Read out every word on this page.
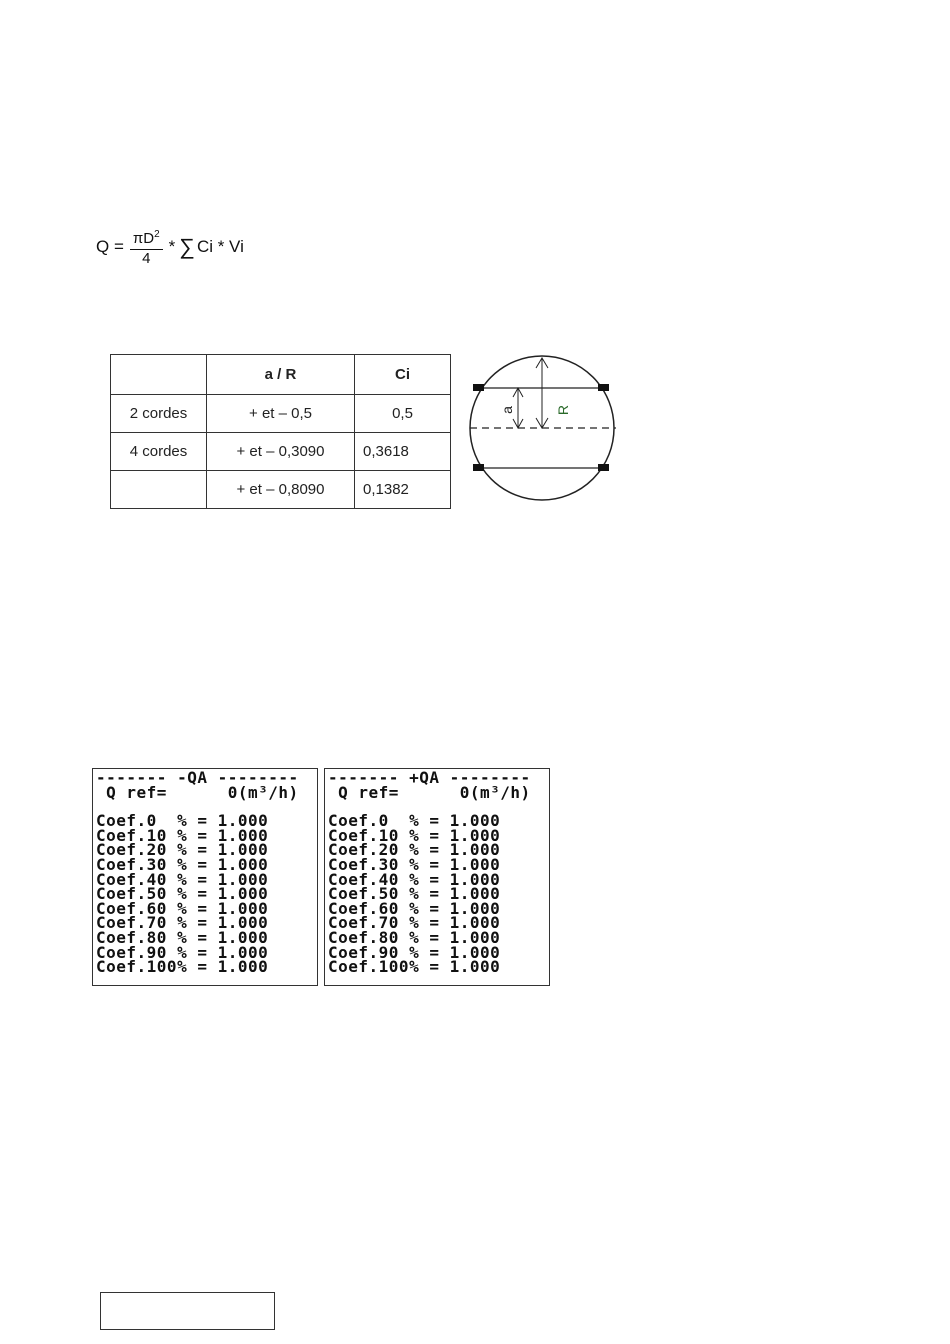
$Q = \frac{\pi D^2}{4}$ * ∑ Ci * Vi
	a / R	Ci
2 cordes	+ et – 0,5	0,5
4 cordes	+ et – 0,3090	0,3618
	+ et – 0,8090	0,1382
a	R
------- -QA --------
Q ref=      0(m³/h)
Coef.0  % = 1.000
Coef.10 % = 1.000
Coef.20 % = 1.000
Coef.30 % = 1.000
Coef.40 % = 1.000
Coef.50 % = 1.000
Coef.60 % = 1.000
Coef.70 % = 1.000
Coef.80 % = 1.000
Coef.90 % = 1.000
Coef.100% = 1.000
------- +QA --------
Q ref=      0(m³/h)
Coef.0  % = 1.000
Coef.10 % = 1.000
Coef.20 % = 1.000
Coef.30 % = 1.000
Coef.40 % = 1.000
Coef.50 % = 1.000
Coef.60 % = 1.000
Coef.70 % = 1.000
Coef.80 % = 1.000
Coef.90 % = 1.000
Coef.100% = 1.000
